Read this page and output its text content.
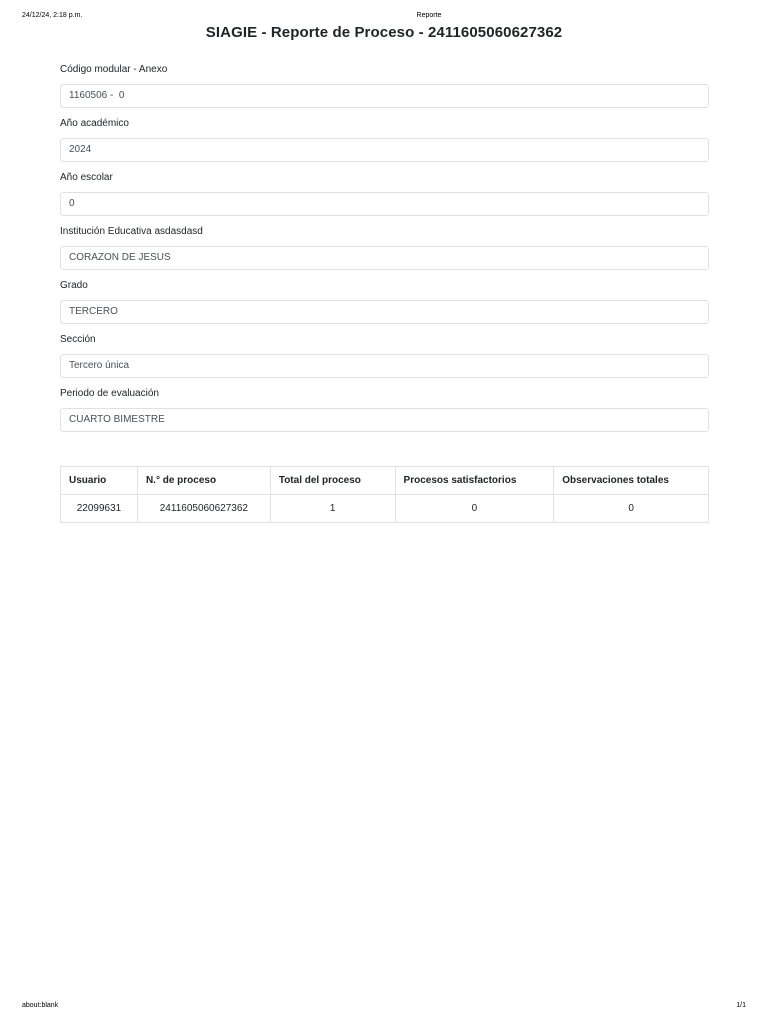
24/12/24, 2:18 p.m.	Reporte
SIAGIE - Reporte de Proceso - 2411605060627362
Código modular - Anexo
1160506 -  0
Año académico
2024
Año escolar
0
Institución Educativa asdasdasd
CORAZON DE JESUS
Grado
TERCERO
Sección
Tercero única
Periodo de evaluación
CUARTO BIMESTRE
Usuario	N.° de proceso	Total del proceso	Procesos satisfactorios	Observaciones totales
22099631	2411605060627362	1	0	0
about:blank	1/1
